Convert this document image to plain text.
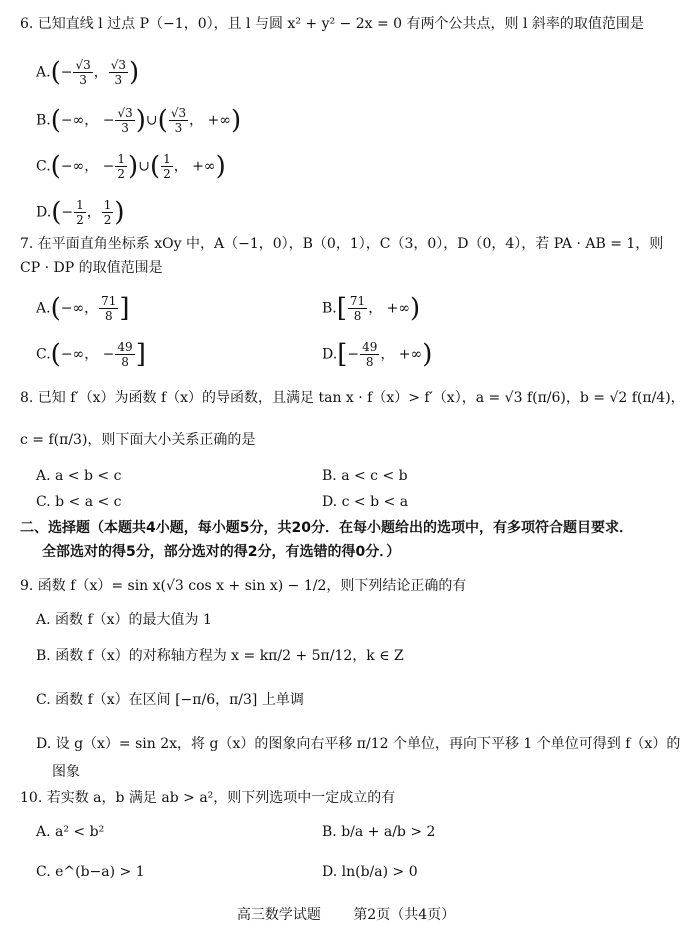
6. 已知直线 l 过点 P（−1，0），且 l 与圆 x² + y² − 2x = 0 有两个公共点，则 l 斜率的取值范围是
$A.(- \frac{√3}{3}$ ， $\frac{√3}{3}$ )
B.(−∞， − $\frac{√3}{3}$ )∪( $\frac{√3}{3}$ ， +∞)
C.(−∞， − $\frac{1}{2}$ )∪( $\frac{1}{2}$ ， +∞)
$D.(- \frac{1}{2}$ ， $\frac{1}{2}$ )
7. 在平面直角坐标系 xOy 中，A（−1，0），B（0，1），C（3，0），D（0，4），若 PA · AB = 1，则
CP · DP 的取值范围是
A.(−∞， $\frac{71}{8}$ ]	$B.[ \frac{71}{8}$ ， +∞)
C.(−∞， − $\frac{49}{8}$ ]	$D.[- \frac{49}{8}$ ， +∞)
8. 已知 f′（x）为函数 f（x）的导函数，且满足 tan x · f（x）> f′（x），a = √3 f(π/6)，b = √2 f(π/4)，
c = f(π/3)，则下面大小关系正确的是
A. a < b < c	B. a < c < b
C. b < a < c	D. c < b < a
二、选择题（本题共4小题，每小题5分，共20分．在每小题给出的选项中，有多项符合题目要求．
全部选对的得5分，部分选对的得2分，有选错的得0分．）
9. 函数 f（x）= sin x(√3 cos x + sin x) − 1/2，则下列结论正确的有
A. 函数 f（x）的最大值为 1
B. 函数 f（x）的对称轴方程为 x = kπ/2 + 5π/12，k ∈ Z
C. 函数 f（x）在区间 [−π/6，π/3] 上单调
D. 设 g（x）= sin 2x，将 g（x）的图象向右平移 π/12 个单位，再向下平移 1 个单位可得到 f（x）的
图象
10. 若实数 a，b 满足 ab > a²，则下列选项中一定成立的有
A. a² < b²	B. b/a + a/b > 2
C. e^(b−a) > 1	D. ln(b/a) > 0
高三数学试题 第2页（共4页）
